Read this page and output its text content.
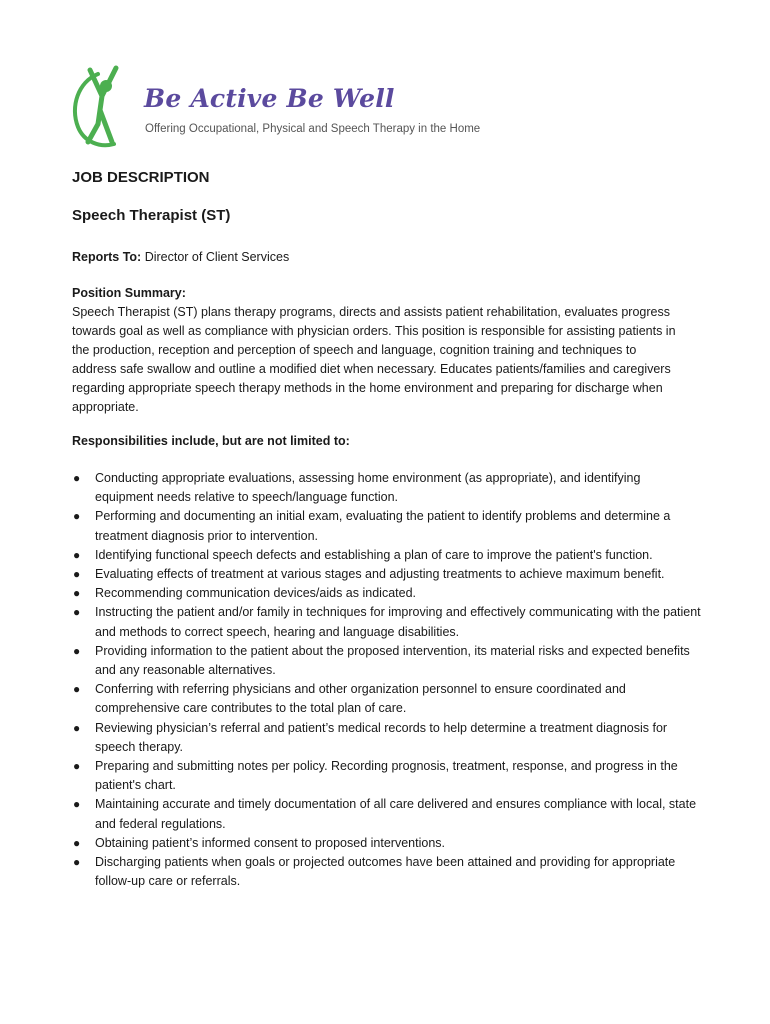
Be Active Be Well
Offering Occupational, Physical and Speech Therapy in the Home

JOB DESCRIPTION

Speech Therapist (ST)

Reports To: Director of Client Services

Position Summary:

Speech Therapist (ST) plans therapy programs, directs and assists patient rehabilitation, evaluates progress towards goal as well as compliance with physician orders. This position is responsible for assisting patients in the production, reception and perception of speech and language, cognition training and techniques to address safe swallow and outline a modified diet when necessary. Educates patients/families and caregivers regarding appropriate speech therapy methods in the home environment and preparing for discharge when appropriate.

Responsibilities include, but are not limited to:

● Conducting appropriate evaluations, assessing home environment (as appropriate), and identifying equipment needs relative to speech/language function.
● Performing and documenting an initial exam, evaluating the patient to identify problems and determine a treatment diagnosis prior to intervention.
● Identifying functional speech defects and establishing a plan of care to improve the patient's function.
● Evaluating effects of treatment at various stages and adjusting treatments to achieve maximum benefit.
● Recommending communication devices/aids as indicated.
● Instructing the patient and/or family in techniques for improving and effectively communicating with the patient and methods to correct speech, hearing and language disabilities.
● Providing information to the patient about the proposed intervention, its material risks and expected benefits and any reasonable alternatives.
● Conferring with referring physicians and other organization personnel to ensure coordinated and comprehensive care contributes to the total plan of care.
● Reviewing physician’s referral and patient’s medical records to help determine a treatment diagnosis for speech therapy.
● Preparing and submitting notes per policy. Recording prognosis, treatment, response, and progress in the patient's chart.
● Maintaining accurate and timely documentation of all care delivered and ensures compliance with local, state and federal regulations.
● Obtaining patient’s informed consent to proposed interventions.
● Discharging patients when goals or projected outcomes have been attained and providing for appropriate follow-up care or referrals.
